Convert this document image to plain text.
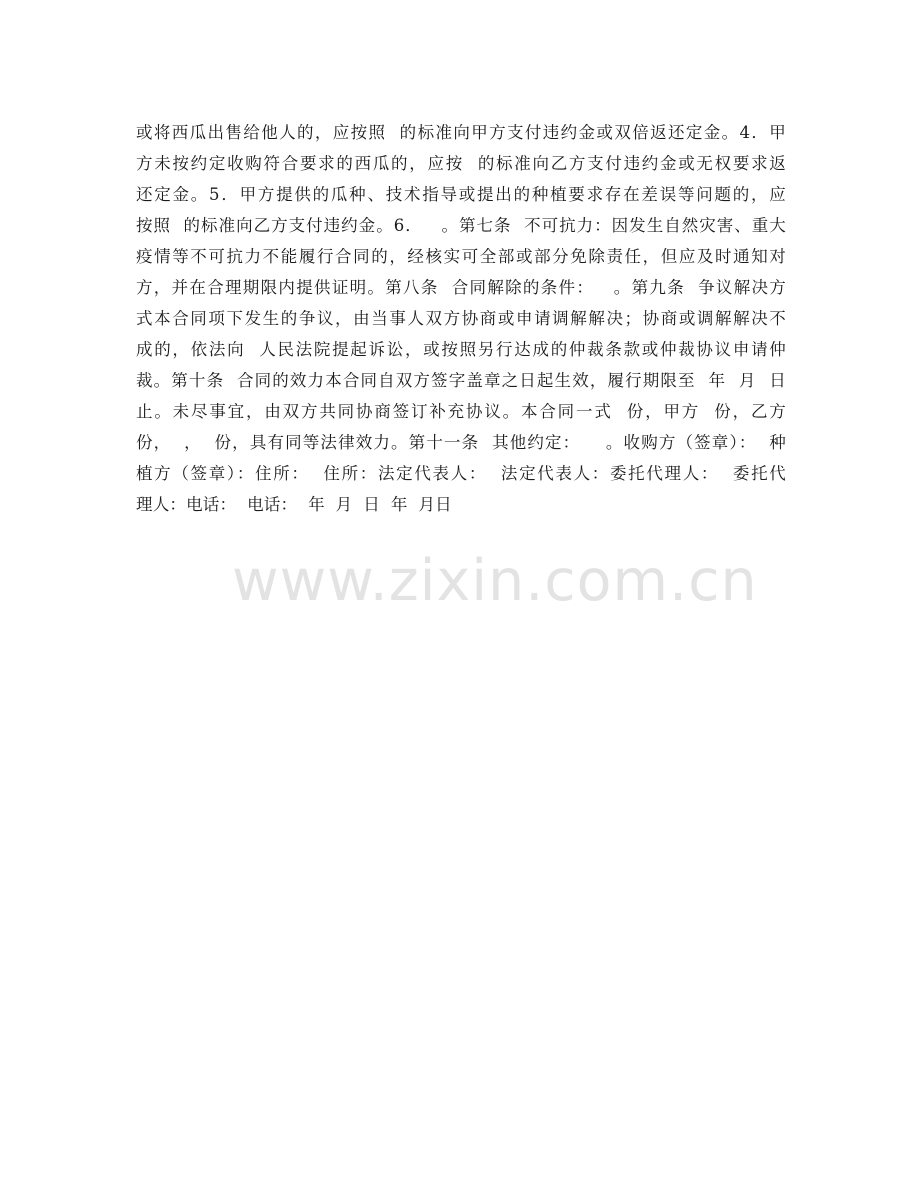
或将西瓜出售给他人的，应按照  的标准向甲方支付违约金或双倍返还定金。4．甲
方未按约定收购符合要求的西瓜的，应按  的标准向乙方支付违约金或无权要求返
还定金。5．甲方提供的瓜种、技术指导或提出的种植要求存在差误等问题的，应
按照  的标准向乙方支付违约金。6．   。第七条  不可抗力：因发生自然灾害、重大
疫情等不可抗力不能履行合同的，经核实可全部或部分免除责任，但应及时通知对
方，并在合理期限内提供证明。第八条  合同解除的条件：   。第九条  争议解决方
式本合同项下发生的争议，由当事人双方协商或申请调解解决；协商或调解解决不
成的，依法向  人民法院提起诉讼，或按照另行达成的仲裁条款或仲裁协议申请仲
裁。第十条  合同的效力本合同自双方签字盖章之日起生效，履行期限至  年  月  日
止。未尽事宜，由双方共同协商签订补充协议。本合同一式  份，甲方  份，乙方
份，  ，  份，具有同等法律效力。第十一条  其他约定：    。收购方（签章）：  种
植方（签章）：住所：  住所：法定代表人：  法定代表人：委托代理人：  委托代
理人：电话：  电话：  年  月  日  年  月日
www.zixin.com.cn
